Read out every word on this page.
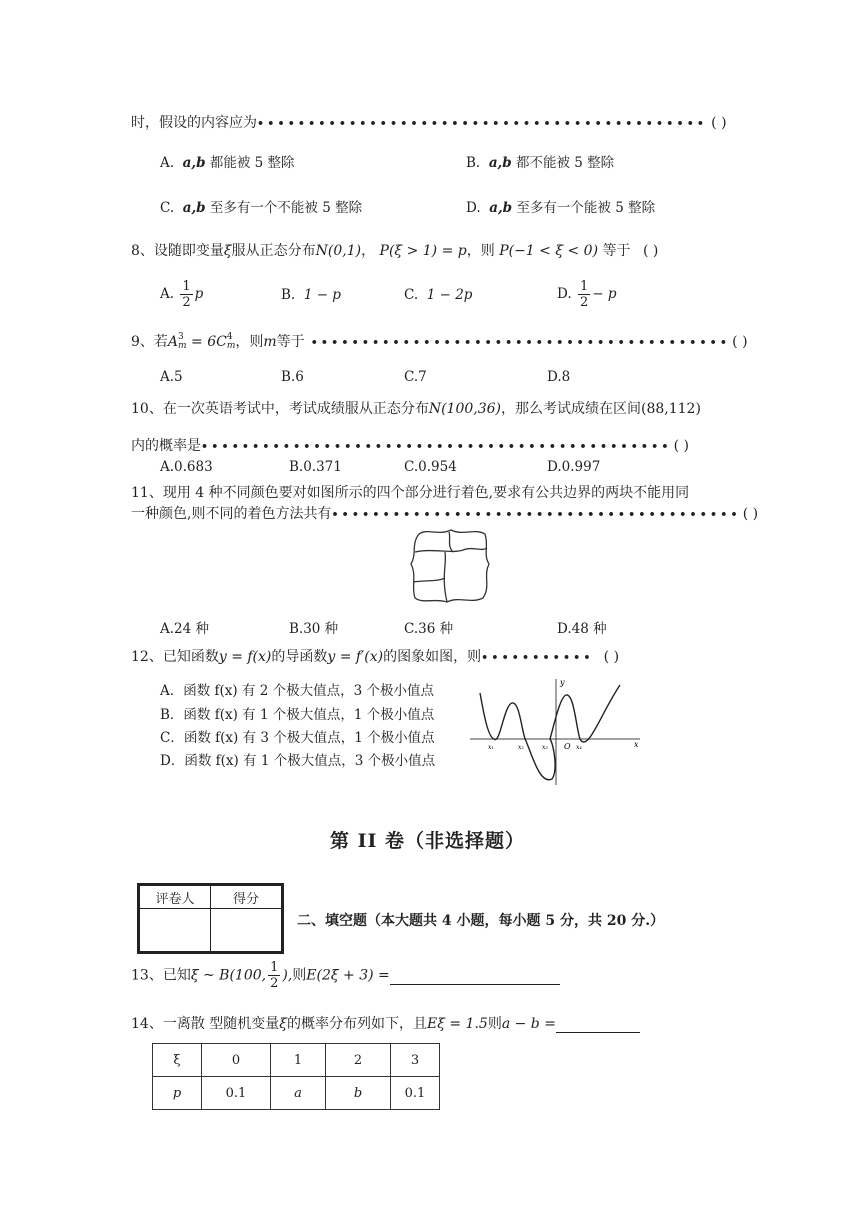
时，假设的内容应为•••••••••••••••••••••••••••••••••••••••••••• ( )
A. a,b 都能被 5 整除	B. a,b 都不能被 5 整除
C. a,b 至多有一个不能被 5 整除	D. a,b 至多有一个能被 5 整除
8、设随即变量ξ服从正态分布N(0,1)， P(ξ > 1) = p，则 P(−1 < ξ < 0) 等于 ( )
A. $\frac{1}{2}$ p	B. 1 − p	C. 1 − 2p	D. $\frac{1}{2} - p$
9、若A 3
m = 6C 4
m ，则m等于 ••••••••••••••••••••••••••••••••••••••••• ( )
A.5	B.6	C.7	D.8
10、在一次英语考试中，考试成绩服从正态分布N(100,36)，那么考试成绩在区间(88,112)
内的概率是•••••••••••••••••••••••••••••••••••••••••••••• ( )
A.0.683	B.0.371	C.0.954	D.0.997
11、现用 4 种不同颜色要对如图所示的四个部分进行着色,要求有公共边界的两块不能用同
一种颜色,则不同的着色方法共有•••••••••••••••••••••••••••••••••••••••• ( )
A.24 种	B.30 种	C.36 种	D.48 种
12、已知函数y = f(x)的导函数y = f′(x)的图象如图，则••••••••••• ( )
A．函数 f(x) 有 2 个极大值点，3 个极小值点
B．函数 f(x) 有 1 个极大值点，1 个极小值点
C．函数 f(x) 有 3 个极大值点，1 个极小值点
D．函数 f(x) 有 1 个极大值点，3 个极小值点
y
x
O
x₁	x₂	x₃	x₄
第 II 卷（非选择题）
评卷人	得分

二、填空题（本大题共 4 小题，每小题 5 分，共 20 分.）
13、已知ξ ~ B(100, $\frac{1}{2}$ ),则E(2ξ + 3) =
14、一离散 型随机变量ξ的概率分布列如下，且Eξ = 1.5则a − b =
ξ	0	1	2	3
p	0.1	a	b	0.1
